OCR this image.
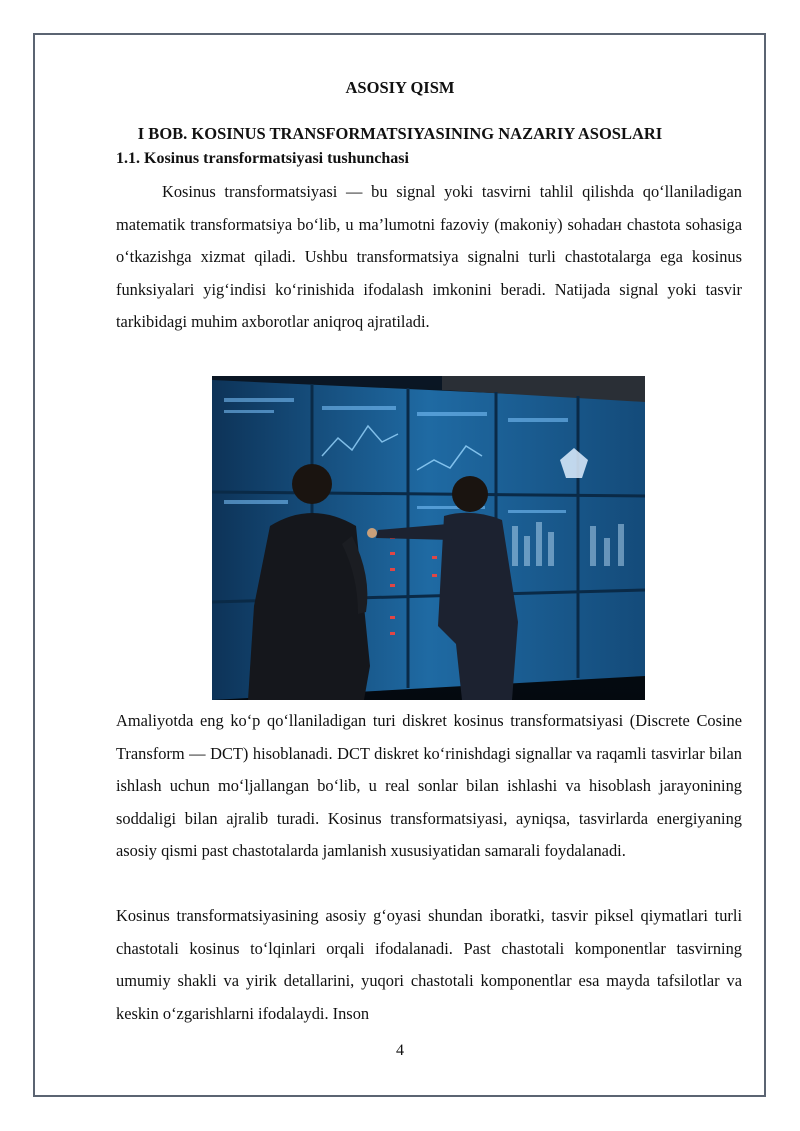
ASOSIY QISM
I BOB. KOSINUS TRANSFORMATSIYASINING NAZARIY ASOSLARI
1.1. Kosinus transformatsiyasi tushunchasi

Kosinus transformatsiyasi — bu signal yoki tasvirni tahlil qilishda qo‘llaniladigan matematik transformatsiya bo‘lib, u ma’lumotni fazoviy (makoniy) sohadан chastota sohasiga o‘tkazishga xizmat qiladi. Ushbu transformatsiya signalni turli chastotalarga ega kosinus funksiyalari yig‘indisi ko‘rinishida ifodalash imkonini beradi. Natijada signal yoki tasvir tarkibidagi muhim axborotlar aniqroq ajratiladi.

Amaliyotda eng ko‘p qo‘llaniladigan turi diskret kosinus transformatsiyasi (Discrete Cosine Transform — DCT) hisoblanadi. DCT diskret ko‘rinishdagi signallar va raqamli tasvirlar bilan ishlash uchun mo‘ljallangan bo‘lib, u real sonlar bilan ishlashi va hisoblash jarayonining soddaligi bilan ajralib turadi. Kosinus transformatsiyasi, ayniqsa, tasvirlarda energiyaning asosiy qismi past chastotalarda jamlanish xususiyatidan samarali foydalanadi.

Kosinus transformatsiyasining asosiy g‘oyasi shundan iboratki, tasvir piksel qiymatlari turli chastotali kosinus to‘lqinlari orqali ifodalanadi. Past chastotali komponentlar tasvirning umumiy shakli va yirik detallarini, yuqori chastotali komponentlar esa mayda tafsilotlar va keskin o‘zgarishlarni ifodalaydi. Inson

4
